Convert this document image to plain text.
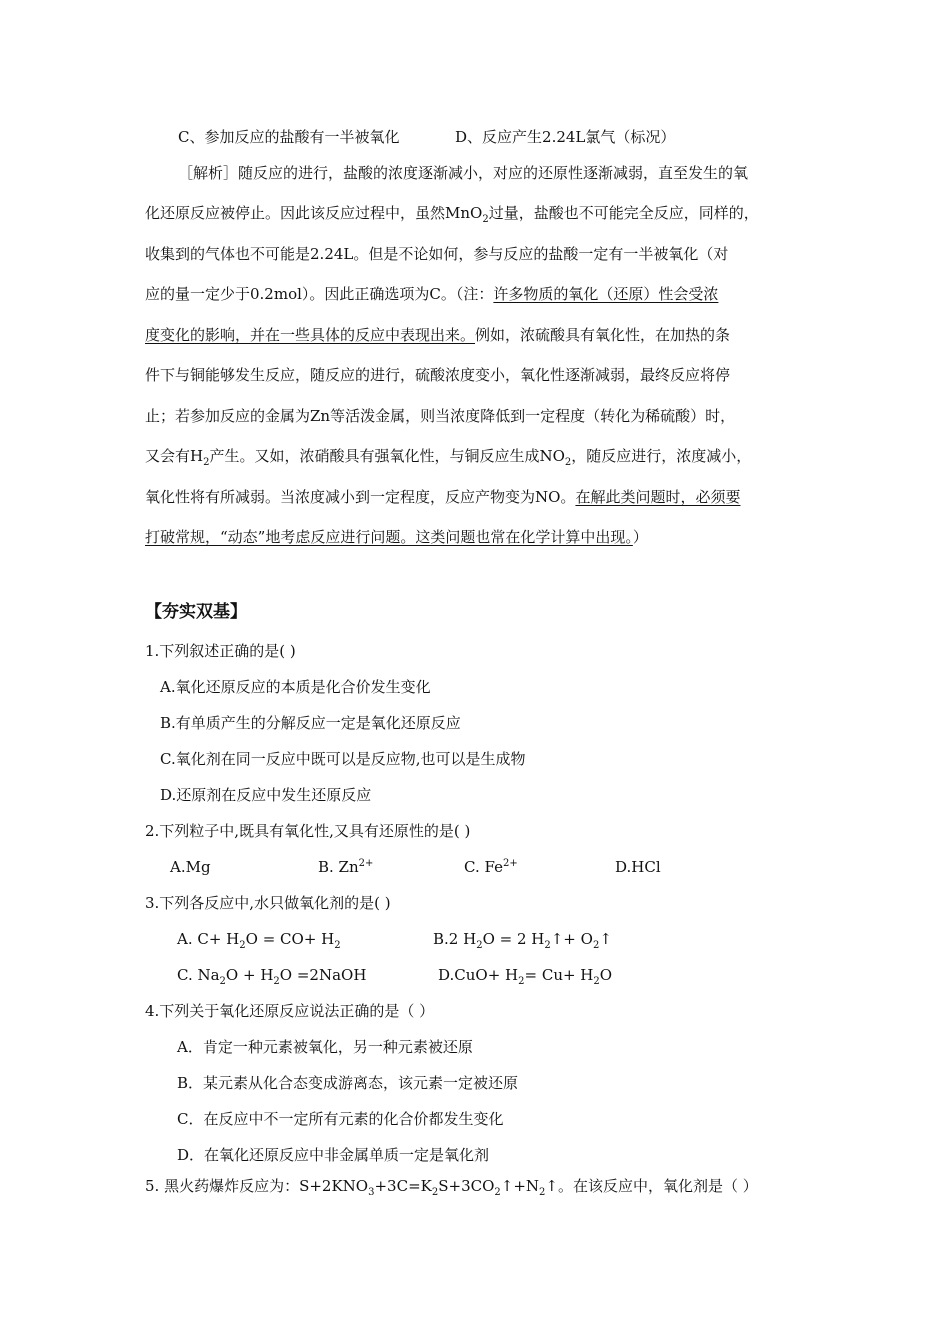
C、参加反应的盐酸有一半被氧化	D、反应产生2.24L氯气（标况）
［解析］随反应的进行，盐酸的浓度逐渐减小，对应的还原性逐渐减弱，直至发生的氧
化还原反应被停止。因此该反应过程中，虽然MnO$_2$过量，盐酸也不可能完全反应，同样的，
收集到的气体也不可能是2.24L。但是不论如何，参与反应的盐酸一定有一半被氧化（对
应的量一定少于0.2mol）。因此正确选项为C。（注：许多物质的氧化（还原）性会受浓
度变化的影响，并在一些具体的反应中表现出来。例如，浓硫酸具有氧化性，在加热的条
件下与铜能够发生反应，随反应的进行，硫酸浓度变小，氧化性逐渐减弱，最终反应将停
止；若参加反应的金属为Zn等活泼金属，则当浓度降低到一定程度（转化为稀硫酸）时，
又会有$H_2$产生。又如，浓硝酸具有强氧化性，与铜反应生成$NO_2$，随反应进行，浓度减小，
氧化性将有所减弱。当浓度减小到一定程度，反应产物变为NO。在解此类问题时，必须要
打破常规，“动态”地考虑反应进行问题。这类问题也常在化学计算中出现。）
【夯实双基】
1.下列叙述正确的是( )
A.氧化还原反应的本质是化合价发生变化
B.有单质产生的分解反应一定是氧化还原反应
C.氧化剂在同一反应中既可以是反应物,也可以是生成物
D.还原剂在反应中发生还原反应
2.下列粒子中,既具有氧化性,又具有还原性的是( )
A.Mg	B. $Zn^{2+}$	C. $Fe^{2+}$	D.HCl
3.下列各反应中,水只做氧化剂的是( )
A. $C+ H_2O = CO+ H_2$	B.2 $H_2O = 2$ $H_2↑+$ $O_2↑$
C. $Na_2O + H_2O$ =2NaOH	$D.CuO+ H_2= Cu+ H_2O$
4.下列关于氧化还原反应说法正确的是（ ）
A．肯定一种元素被氧化，另一种元素被还原
B．某元素从化合态变成游离态，该元素一定被还原
C．在反应中不一定所有元素的化合价都发生变化
D．在氧化还原反应中非金属单质一定是氧化剂
5. 黑火药爆炸反应为：$S+2KNO_3+3C=K_2S+3CO_2↑+N_2↑$。在该反应中，氧化剂是（ ）
